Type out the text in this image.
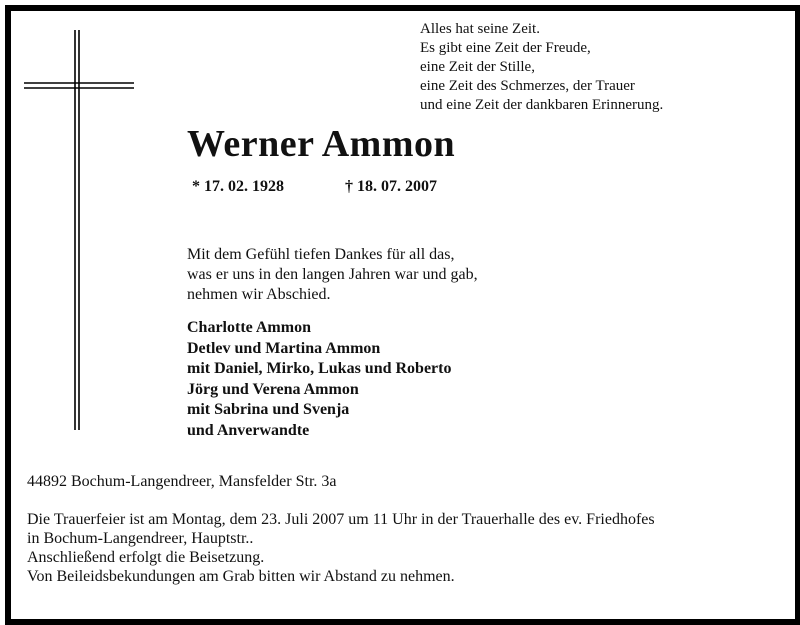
Alles hat seine Zeit.
Es gibt eine Zeit der Freude,
eine Zeit der Stille,
eine Zeit des Schmerzes, der Trauer
und eine Zeit der dankbaren Erinnerung.
Werner Ammon
* 17. 02. 1928	† 18. 07. 2007
Mit dem Gefühl tiefen Dankes für all das,
was er uns in den langen Jahren war und gab,
nehmen wir Abschied.
Charlotte Ammon
Detlev und Martina Ammon
mit Daniel, Mirko, Lukas und Roberto
Jörg und Verena Ammon
mit Sabrina und Svenja
und Anverwandte
44892 Bochum-Langendreer, Mansfelder Str. 3a
Die Trauerfeier ist am Montag, dem 23. Juli 2007 um 11 Uhr in der Trauerhalle des ev. Friedhofes
in Bochum-Langendreer, Hauptstr..
Anschließend erfolgt die Beisetzung.
Von Beileidsbekundungen am Grab bitten wir Abstand zu nehmen.
